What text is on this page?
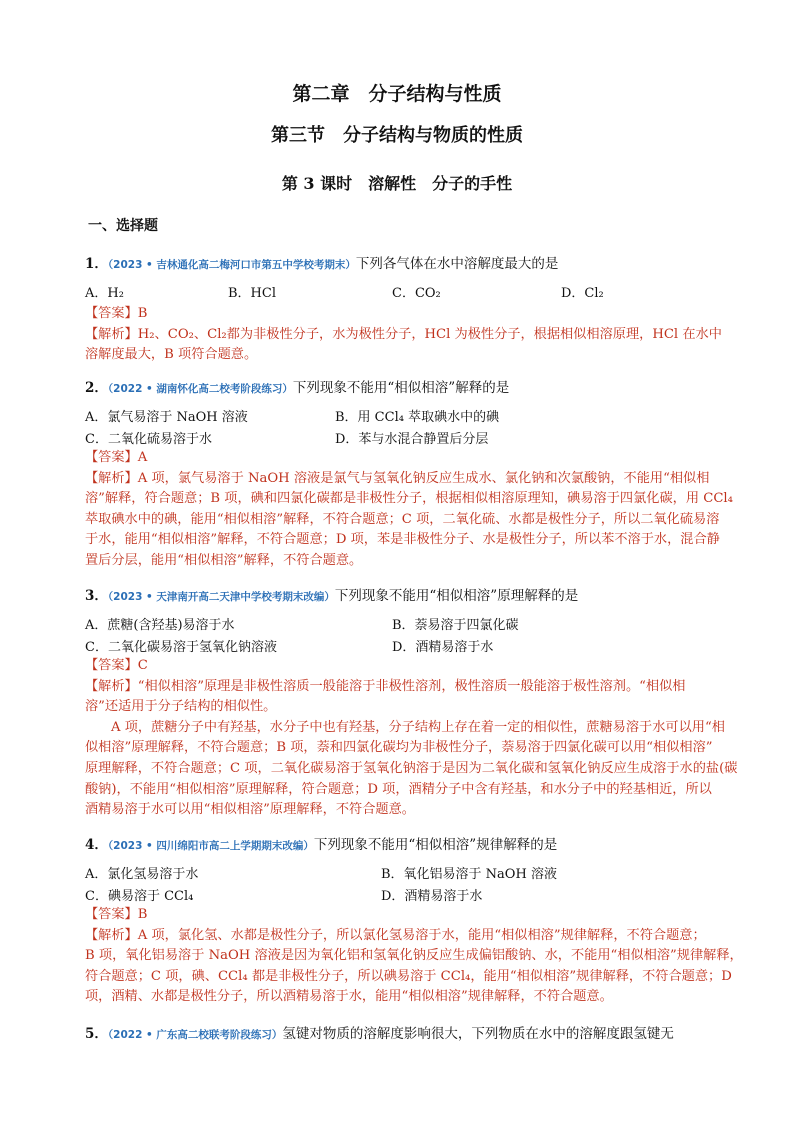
第二章　分子结构与性质
第三节　分子结构与物质的性质
第 3 课时　溶解性　分子的手性
一、选择题
1．（2023 • 吉林通化高二梅河口市第五中学校考期末）下列各气体在水中溶解度最大的是
A．H₂	B．HCl	C．CO₂	D．Cl₂

【答案】B

【解析】H₂、CO₂、Cl₂都为非极性分子，水为极性分子，HCl 为极性分子，根据相似相溶原理，HCl 在水中

溶解度最大，B 项符合题意。

2．（2022 • 湖南怀化高二校考阶段练习）下列现象不能用“相似相溶”解释的是
A．氯气易溶于 NaOH 溶液	B．用 CCl₄ 萃取碘水中的碘
C．二氧化硫易溶于水	D．苯与水混合静置后分层

【答案】A

【解析】A 项，氯气易溶于 NaOH 溶液是氯气与氢氧化钠反应生成水、氯化钠和次氯酸钠，不能用“相似相

溶”解释，符合题意；B 项，碘和四氯化碳都是非极性分子，根据相似相溶原理知，碘易溶于四氯化碳，用 CCl₄

萃取碘水中的碘，能用“相似相溶”解释，不符合题意；C 项，二氧化硫、水都是极性分子，所以二氧化硫易溶

于水，能用“相似相溶”解释，不符合题意；D 项，苯是非极性分子、水是极性分子，所以苯不溶于水，混合静

置后分层，能用“相似相溶”解释，不符合题意。

3．（2023 • 天津南开高二天津中学校考期末改编）下列现象不能用“相似相溶”原理解释的是
A．蔗糖(含羟基)易溶于水	B．萘易溶于四氯化碳
C．二氧化碳易溶于氢氧化钠溶液	D．酒精易溶于水

【答案】C

【解析】“相似相溶”原理是非极性溶质一般能溶于非极性溶剂，极性溶质一般能溶于极性溶剂。“相似相

溶”还适用于分子结构的相似性。

A 项，蔗糖分子中有羟基，水分子中也有羟基，分子结构上存在着一定的相似性，蔗糖易溶于水可以用“相

似相溶”原理解释，不符合题意；B 项，萘和四氯化碳均为非极性分子，萘易溶于四氯化碳可以用“相似相溶”

原理解释，不符合题意；C 项，二氧化碳易溶于氢氧化钠溶于是因为二氧化碳和氢氧化钠反应生成溶于水的盐(碳

酸钠)，不能用“相似相溶”原理解释，符合题意；D 项，酒精分子中含有羟基，和水分子中的羟基相近，所以

酒精易溶于水可以用“相似相溶”原理解释，不符合题意。

4．（2023 • 四川绵阳市高二上学期期末改编）下列现象不能用“相似相溶”规律解释的是
A．氯化氢易溶于水	B．氧化铝易溶于 NaOH 溶液
C．碘易溶于 CCl₄	D．酒精易溶于水

【答案】B

【解析】A 项，氯化氢、水都是极性分子，所以氯化氢易溶于水，能用“相似相溶”规律解释，不符合题意；

B 项，氧化铝易溶于 NaOH 溶液是因为氧化铝和氢氧化钠反应生成偏铝酸钠、水，不能用“相似相溶”规律解释，

符合题意；C 项，碘、CCl₄ 都是非极性分子，所以碘易溶于 CCl₄，能用“相似相溶”规律解释，不符合题意；D

项，酒精、水都是极性分子，所以酒精易溶于水，能用“相似相溶”规律解释，不符合题意。

5．（2022 • 广东高二校联考阶段练习）氢键对物质的溶解度影响很大，下列物质在水中的溶解度跟氢键无
